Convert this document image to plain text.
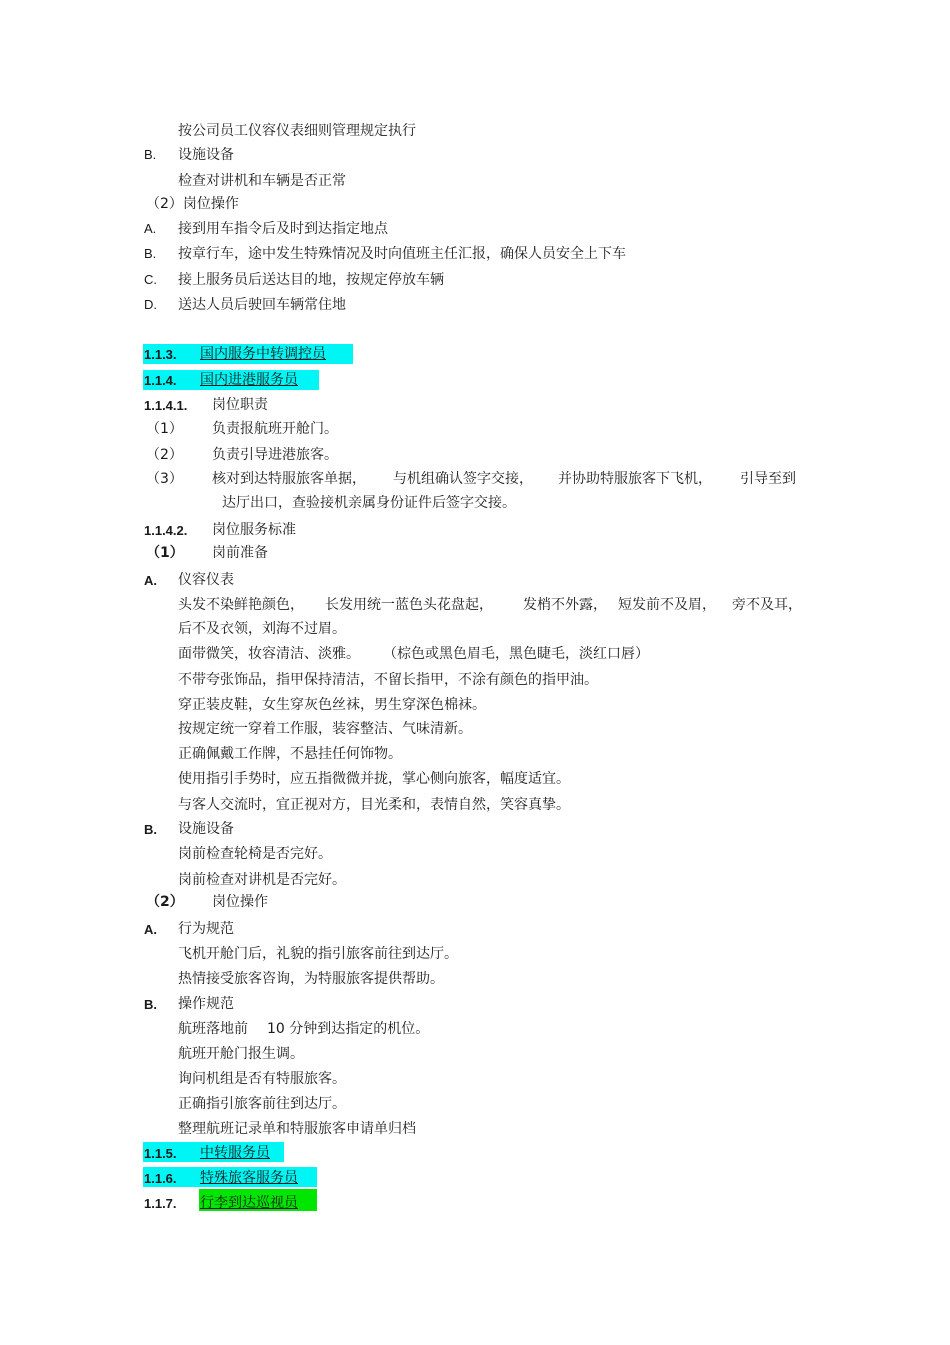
按公司员工仪容仪表细则管理规定执行
B. 设施设备
检查对讲机和车辆是否正常
（2）岗位操作
A. 接到用车指令后及时到达指定地点
B. 按章行车，途中发生特殊情况及时向值班主任汇报，确保人员安全上下车
C. 接上服务员后送达目的地，按规定停放车辆
D. 送达人员后驶回车辆常住地
1.1.3. 国内服务中转调控员
1.1.4. 国内进港服务员
1.1.4.1. 岗位职责
（1） 负责报航班开舱门。
（2） 负责引导进港旅客。
（3） 核对到达特服旅客单据， 与机组确认签字交接， 并协助特服旅客下飞机， 引导至到
达厅出口，查验接机亲属身份证件后签字交接。
1.1.4.2. 岗位服务标准
（1） 岗前准备
A. 仪容仪表
头发不染鲜艳颜色， 长发用统一蓝色头花盘起， 发梢不外露， 短发前不及眉， 旁不及耳，
后不及衣领，刘海不过眉。
面带微笑，妆容清洁、淡雅。 （棕色或黑色眉毛，黑色睫毛，淡红口唇）
不带夸张饰品，指甲保持清洁，不留长指甲，不涂有颜色的指甲油。
穿正装皮鞋，女生穿灰色丝袜，男生穿深色棉袜。
按规定统一穿着工作服，装容整洁、气味清新。
正确佩戴工作牌，不悬挂任何饰物。
使用指引手势时，应五指微微并拢，掌心侧向旅客，幅度适宜。
与客人交流时，宜正视对方，目光柔和，表情自然，笑容真挚。
B. 设施设备
岗前检查轮椅是否完好。
岗前检查对讲机是否完好。
（2） 岗位操作
A. 行为规范
飞机开舱门后，礼貌的指引旅客前往到达厅。
热情接受旅客咨询，为特服旅客提供帮助。
B. 操作规范
航班落地前 10 分钟到达指定的机位。
航班开舱门报生调。
询问机组是否有特服旅客。
正确指引旅客前往到达厅。
整理航班记录单和特服旅客申请单归档
1.1.5. 中转服务员
1.1.6. 特殊旅客服务员
1.1.7. 行李到达巡视员
